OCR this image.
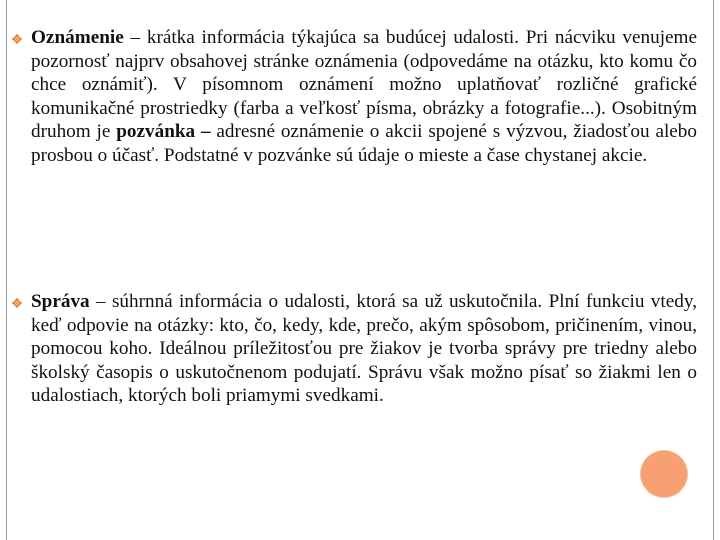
Oznámenie – krátka informácia týkajúca sa budúcej udalosti. Pri nácviku venujeme pozornosť najprv obsahovej stránke oznámenia (odpovedáme na otázku, kto komu čo chce oznámiť). V písomnom oznámení možno uplatňovať rozličné grafické komunikačné prostriedky (farba a veľkosť písma, obrázky a fotografie...). Osobitným druhom je pozvánka – adresné oznámenie o akcii spojené s výzvou, žiadosťou alebo prosbou o účasť. Podstatné v pozvánke sú údaje o mieste a čase chystanej akcie.

Správa – súhrnná informácia o udalosti, ktorá sa už uskutočnila. Plní funkciu vtedy, keď odpovie na otázky: kto, čo, kedy, kde, prečo, akým spôsobom, pričinením, vinou, pomocou koho. Ideálnou príležitosťou pre žiakov je tvorba správy pre triedny alebo školský časopis o uskutočnenom podujatí. Správu však možno písať so žiakmi len o udalostiach, ktorých boli priamymi svedkami.
